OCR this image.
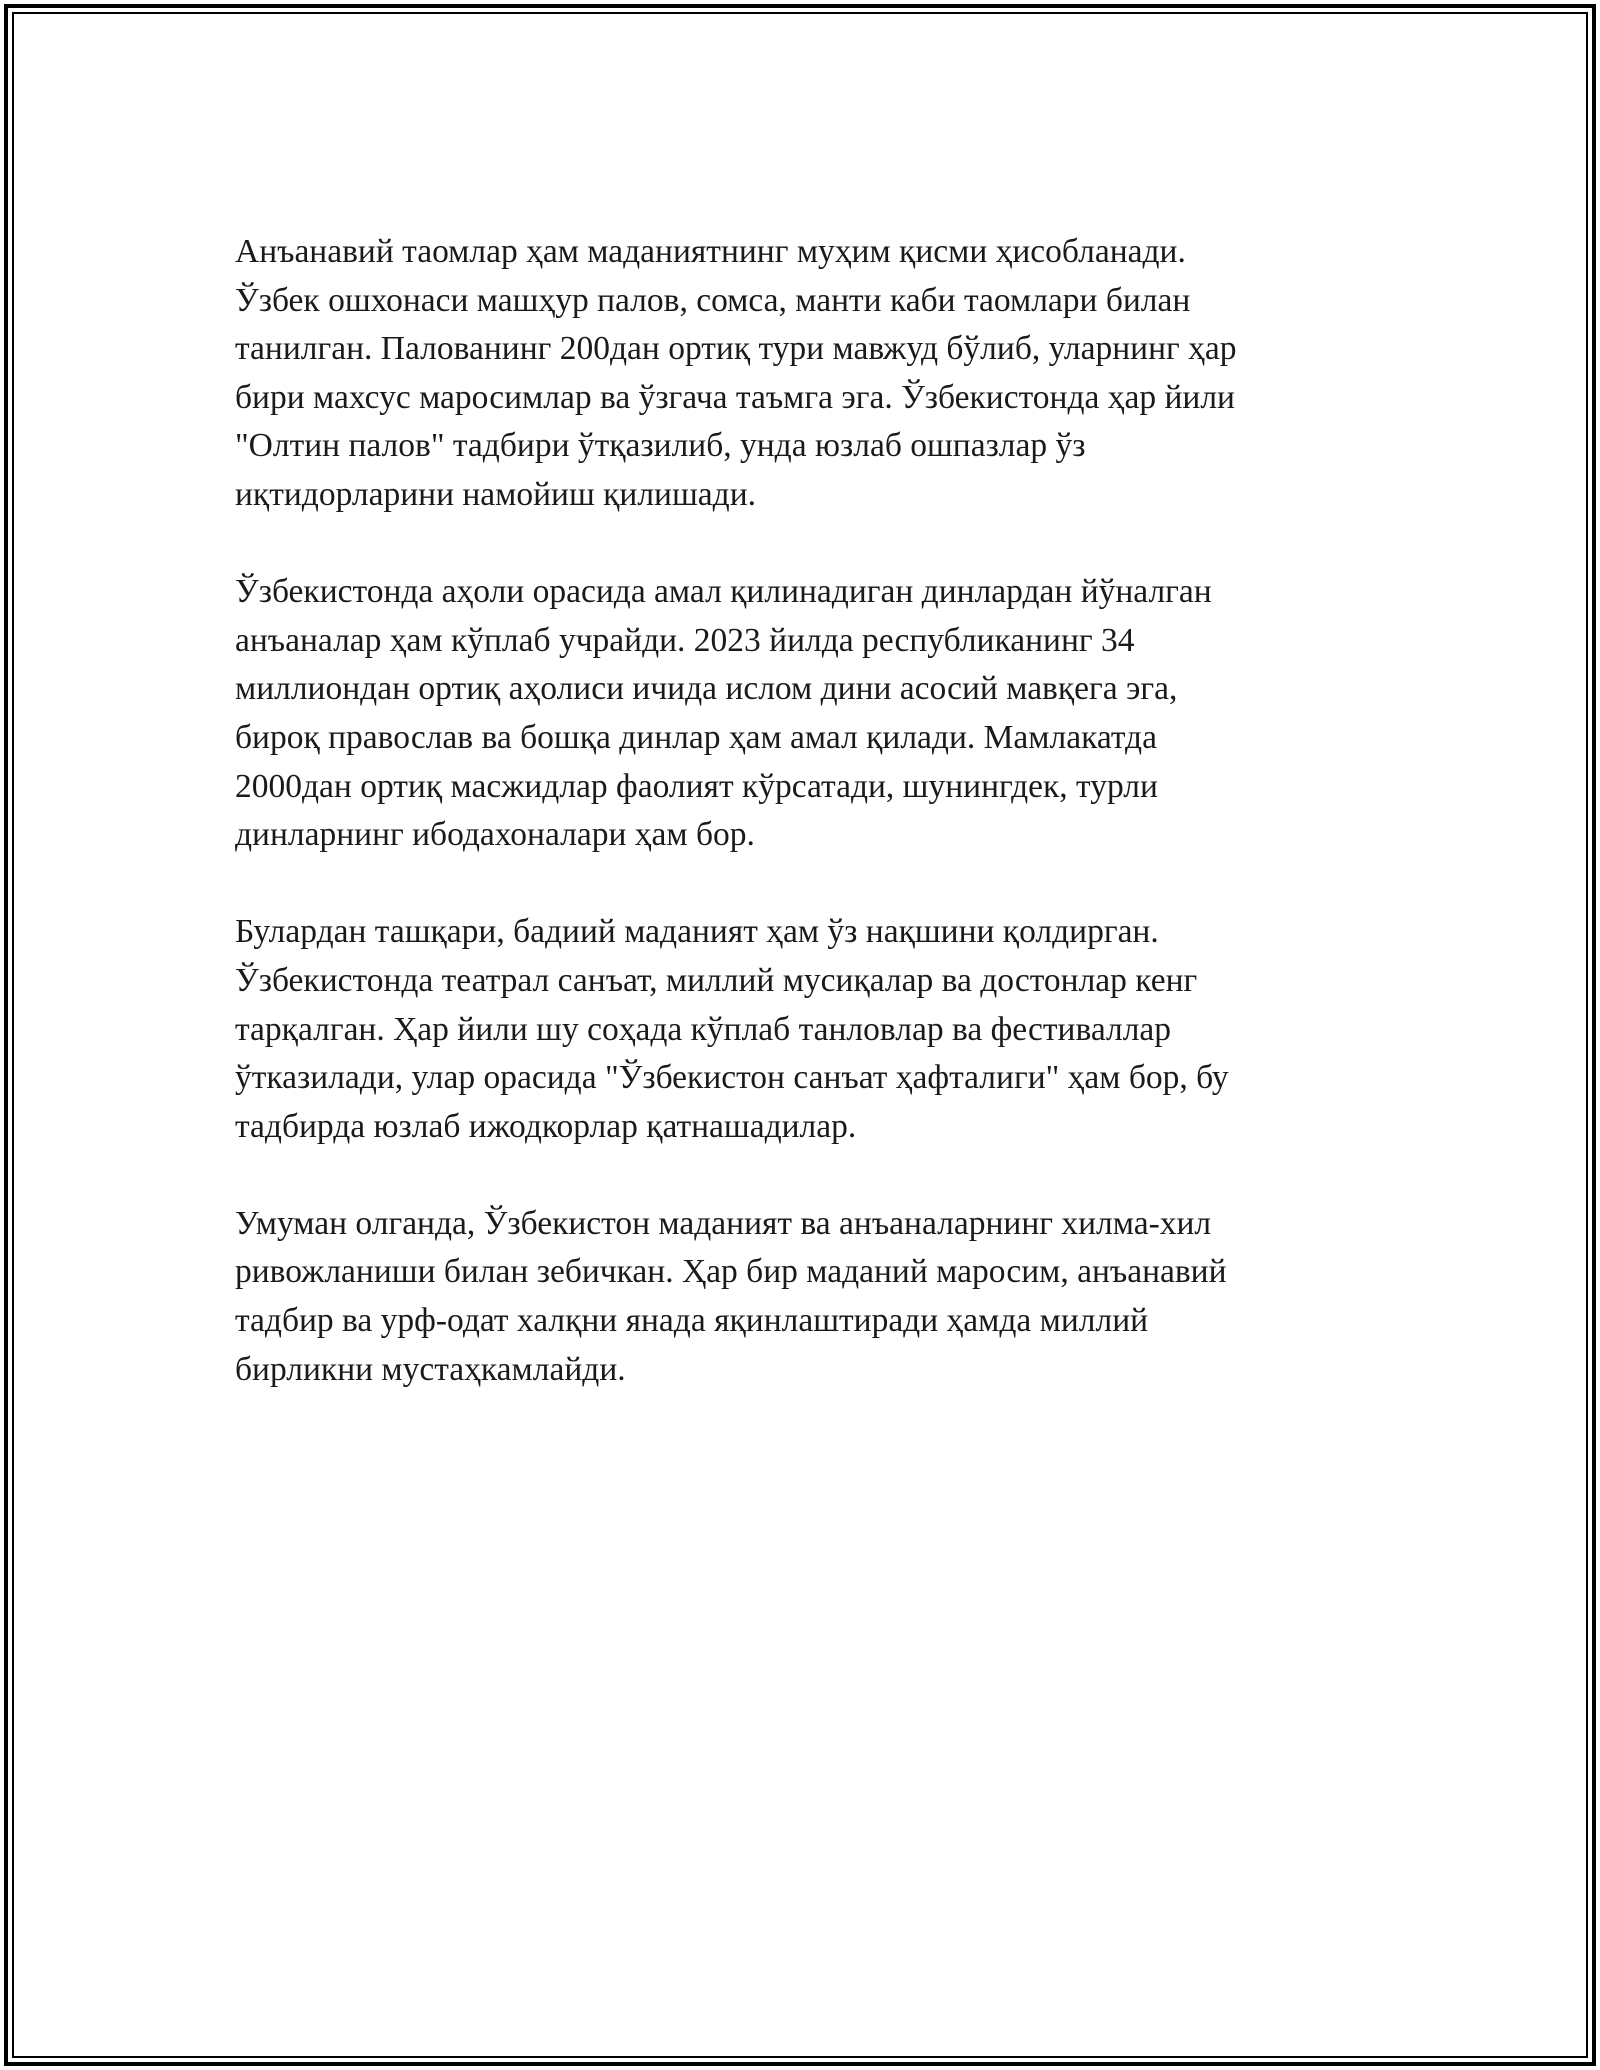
Анъанавий таомлар ҳам маданиятнинг муҳим қисми ҳисобланади.
Ўзбек ошхонаси машҳур палов, сомса, манти каби таомлари билан
танилган. Палованинг 200дан ортиқ тури мавжуд бўлиб, уларнинг ҳар
бири махсус маросимлар ва ўзгача таъмга эга. Ўзбекистонда ҳар йили
"Олтин палов" тадбири ўтқазилиб, унда юзлаб ошпазлар ўз
иқтидорларини намойиш қилишади.

Ўзбекистонда аҳоли орасида амал қилинадиган динлардан йўналган
анъаналар ҳам кўплаб учрайди. 2023 йилда республиканинг 34
миллиондан ортиқ аҳолиси ичида ислом дини асосий мавқега эга,
бироқ православ ва бошқа динлар ҳам амал қилади. Мамлакатда
2000дан ортиқ масжидлар фаолият кўрсатади, шунингдек, турли
динларнинг ибодахоналари ҳам бор.

Булардан ташқари, бадиий маданият ҳам ўз нақшини қолдирган.
Ўзбекистонда театрал санъат, миллий мусиқалар ва достонлар кенг
тарқалган. Ҳар йили шу соҳада кўплаб танловлар ва фестиваллар
ўтказилади, улар орасида "Ўзбекистон санъат ҳафталиги" ҳам бор, бу
тадбирда юзлаб ижодкорлар қатнашадилар.

Умуман олганда, Ўзбекистон маданият ва анъаналарнинг хилма-хил
ривожланиши билан зебичкан. Ҳар бир маданий маросим, анъанавий
тадбир ва урф-одат халқни янада яқинлаштиради ҳамда миллий
бирликни мустаҳкамлайди.
